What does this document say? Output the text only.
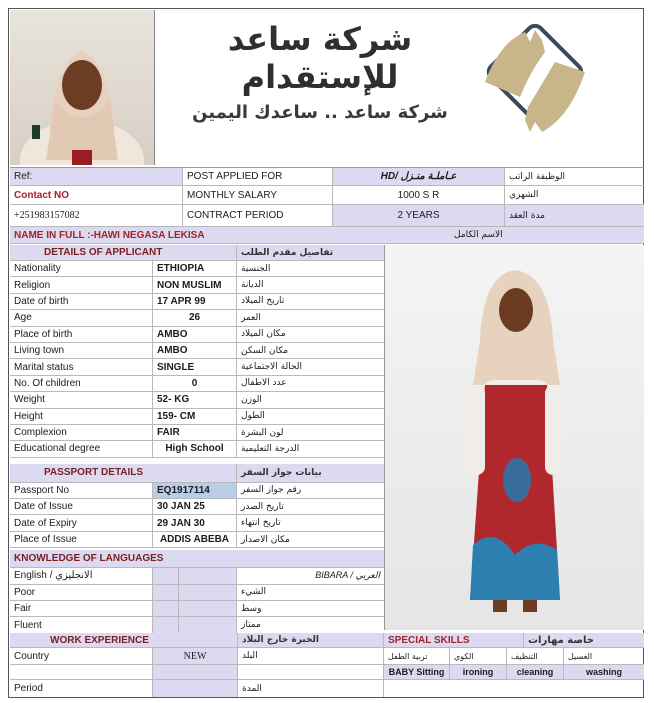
شركة ساعد للإستقدام
شركة ساعد .. ساعدك اليمين
Ref:	POST APPLIED FOR	HD/ عـاملـة منـزل	الوظيفة الراتب
Contact NO	MONTHLY SALARY	1000 S R	الشهري
+251983157082	CONTRACT PERIOD	2 YEARS	مدة العقد
NAME IN FULL :-HAWI NEGASA LEKISA	الاسم الكامل
DETAILS OF APPLICANT	تفاصيل مقدم الطلب
Nationality	ETHIOPIA	الجنسية
Religion	NON MUSLIM	الديانة
Date of birth	17 APR 99	تاريخ الميلاد
Age	26	العمر
Place of birth	AMBO	مكان الميلاد
Living town	AMBO	مكان السكن
Marital status	SINGLE	الحالة الاجتماعية
No. Of children	0	عدد الاطفال
Weight	52- KG	الوزن
Height	159- CM	الطول
Complexion	FAIR	لون البشرة
Educational degree	High School	الدرجة التعليمية
PASSPORT DETAILS	بيانات جواز السفر
Passport No	EQ1917114	رقم جواز السفر
Date of Issue	30 JAN 25	تاريخ الصدر
Date of Expiry	29 JAN 30	تاريخ انتهاء
Place of Issue	ADDIS ABEBA	مكان الاصدار
KNOWLEDGE OF LANGUAGES
English / الانجليزي	BIBARA / العربي
Poor	الشيء
Fair	وسط
Fluent	ممتاز
WORK EXPERIENCE	الخبرة خارج البلاد	SPECIAL SKILLS	خاصة مهارات
Country	NEW	البلد	تربية الطفل	الكوي	التنظيف	الغسيل
BABY Sitting	ironing	cleaning	washing
Period	المدة
